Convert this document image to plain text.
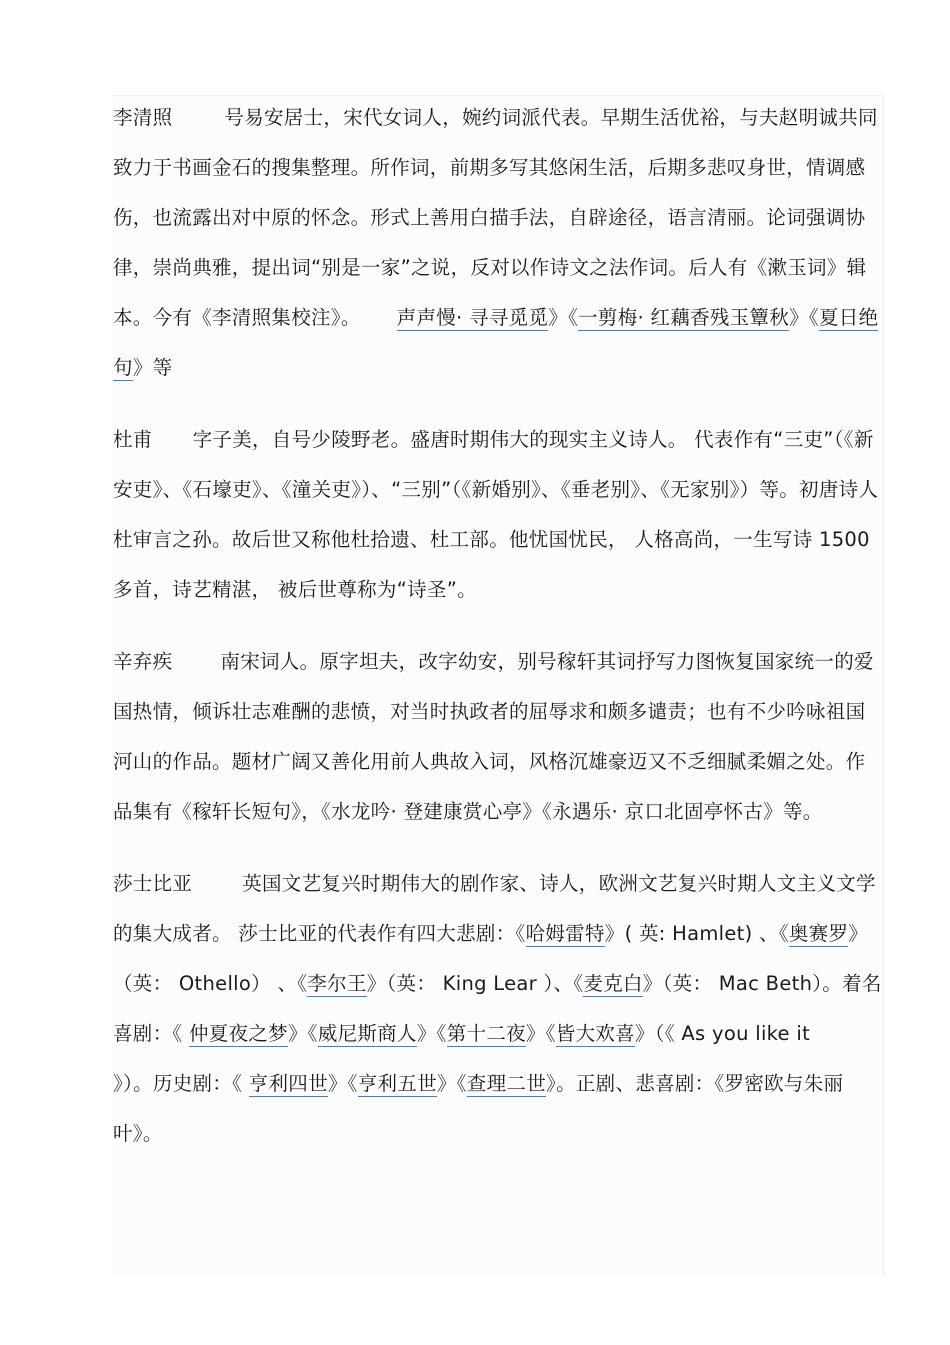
李清照	号易安居士，宋代女词人，婉约词派代表。早期生活优裕，与夫赵明诚共同致力于书画金石的搜集整理。所作词，前期多写其悠闲生活，后期多悲叹身世，情调感伤，也流露出对中原的怀念。形式上善用白描手法，自辟途径，语言清丽。论词强调协律，崇尚典雅，提出词“别是一家”之说，反对以作诗文之法作词。后人有《漱玉词》辑本。今有《李清照集校注》。 声声慢· 寻寻觅觅》《一剪梅· 红藕香残玉簟秋》《夏日绝句》等

杜甫 字子美，自号少陵野老。盛唐时期伟大的现实主义诗人。 代表作有“三吏”（《新安吏》、《石壕吏》、《潼关吏》）、“三别”（《新婚别》、《垂老别》、《无家别》）等。初唐诗人杜审言之孙。故后世又称他杜拾遗、杜工部。他忧国忧民， 人格高尚，一生写诗 1500 多首，诗艺精湛， 被后世尊称为“诗圣”。

辛弃疾 南宋词人。原字坦夫，改字幼安，别号稼轩其词抒写力图恢复国家统一的爱国热情，倾诉壮志难酬的悲愤，对当时执政者的屈辱求和颇多谴责；也有不少吟咏祖国河山的作品。题材广阔又善化用前人典故入词，风格沉雄豪迈又不乏细腻柔媚之处。作品集有《稼轩长短句》，《水龙吟· 登建康赏心亭》《永遇乐· 京口北固亭怀古》等。

莎士比亚	英国文艺复兴时期伟大的剧作家、诗人，欧洲文艺复兴时期人文主义文学的集大成者。 莎士比亚的代表作有四大悲剧：《哈姆雷特》( 英: Hamlet) 、《奥赛罗》（英： Othello） 、《李尔王》（英： King Lear ）、《麦克白》（英： Mac Beth）。着名喜剧：《 仲夏夜之梦》《威尼斯商人》《第十二夜》《皆大欢喜》（《 As you like it》）。历史剧：《 亨利四世》《亨利五世》《查理二世》。正剧、悲喜剧：《罗密欧与朱丽叶》。
